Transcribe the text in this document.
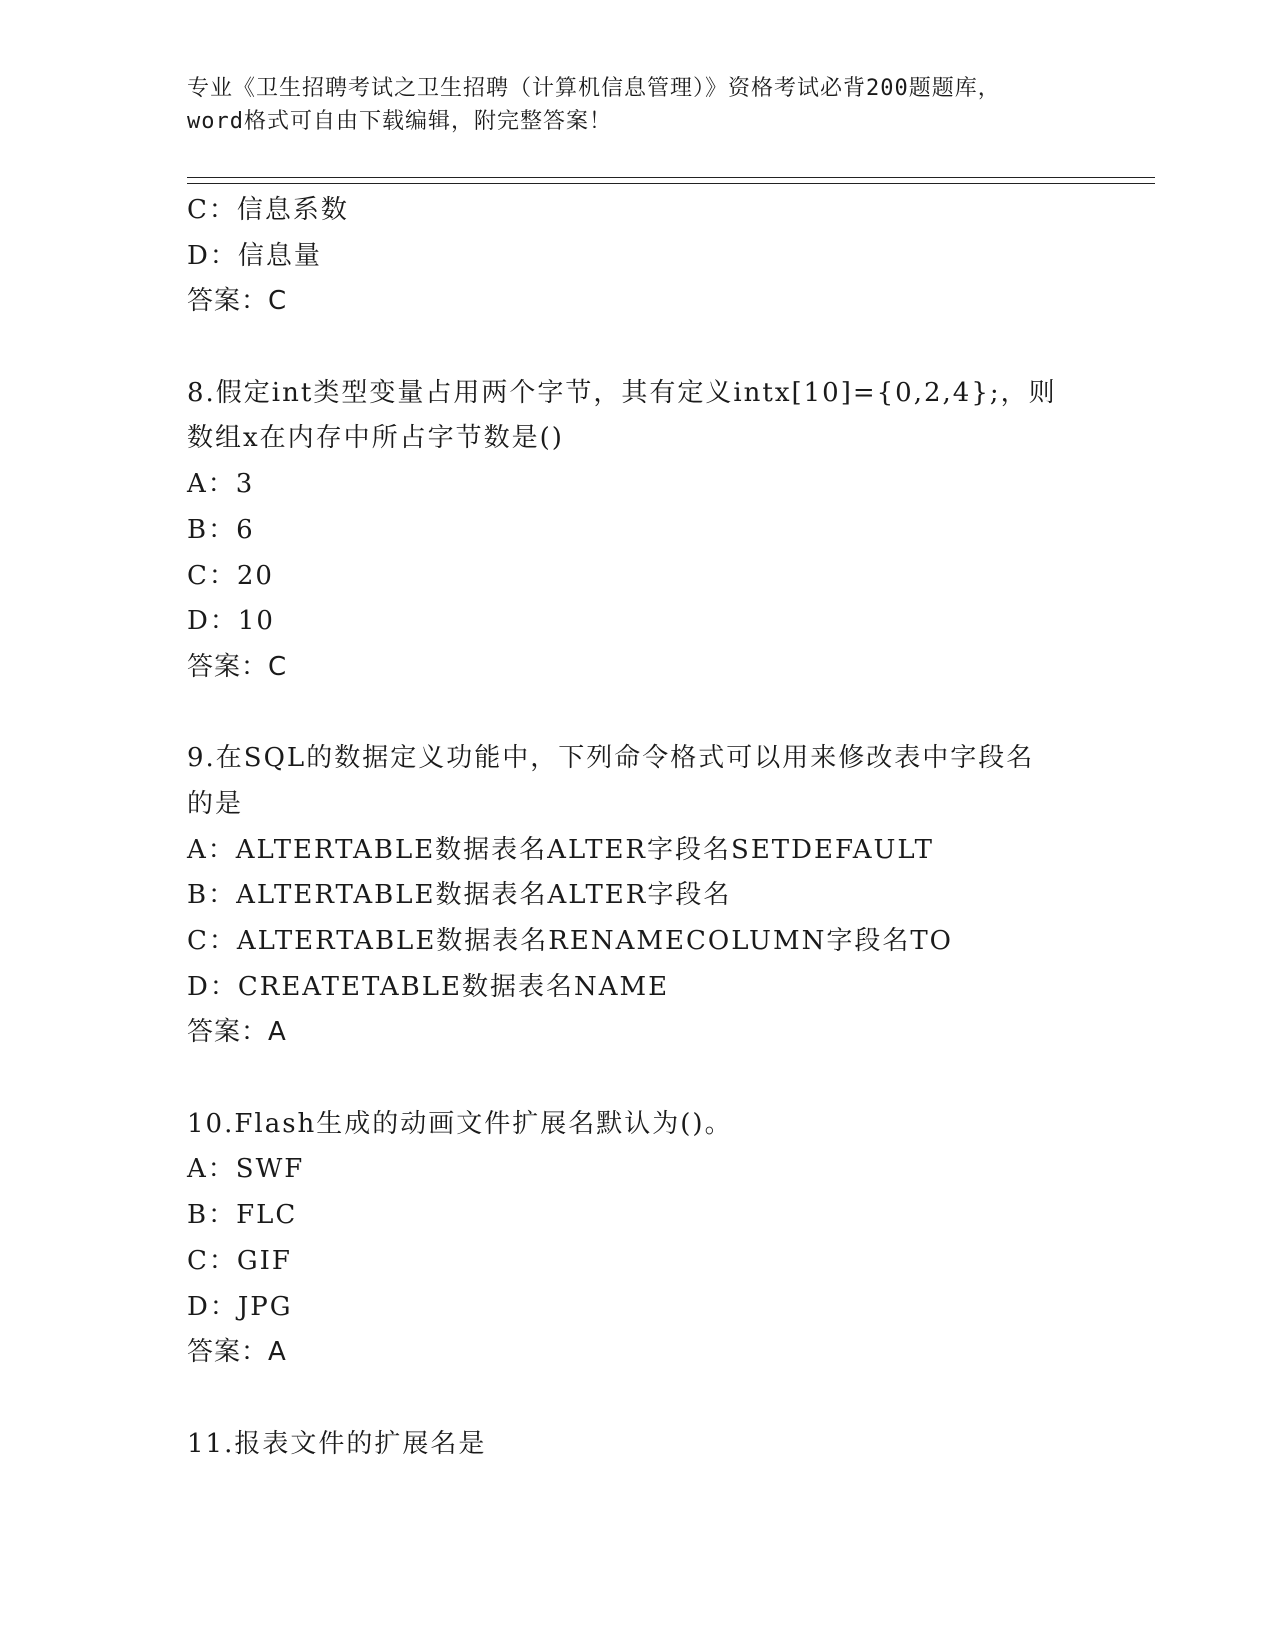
专业《卫生招聘考试之卫生招聘（计算机信息管理）》资格考试必背200题题库，
word格式可自由下载编辑，附完整答案！
C：信息系数
D：信息量
答案：C
8.假定int类型变量占用两个字节，其有定义intx[10]={0,2,4};，则
数组x在内存中所占字节数是()
A：3
B：6
C：20
D：10
答案：C
9.在SQL的数据定义功能中，下列命令格式可以用来修改表中字段名
的是
A：ALTERTABLE数据表名ALTER字段名SETDEFAULT
B：ALTERTABLE数据表名ALTER字段名
C：ALTERTABLE数据表名RENAMECOLUMN字段名TO
D：CREATETABLE数据表名NAME
答案：A
10.Flash生成的动画文件扩展名默认为()。
A：SWF
B：FLC
C：GIF
D：JPG
答案：A
11.报表文件的扩展名是
